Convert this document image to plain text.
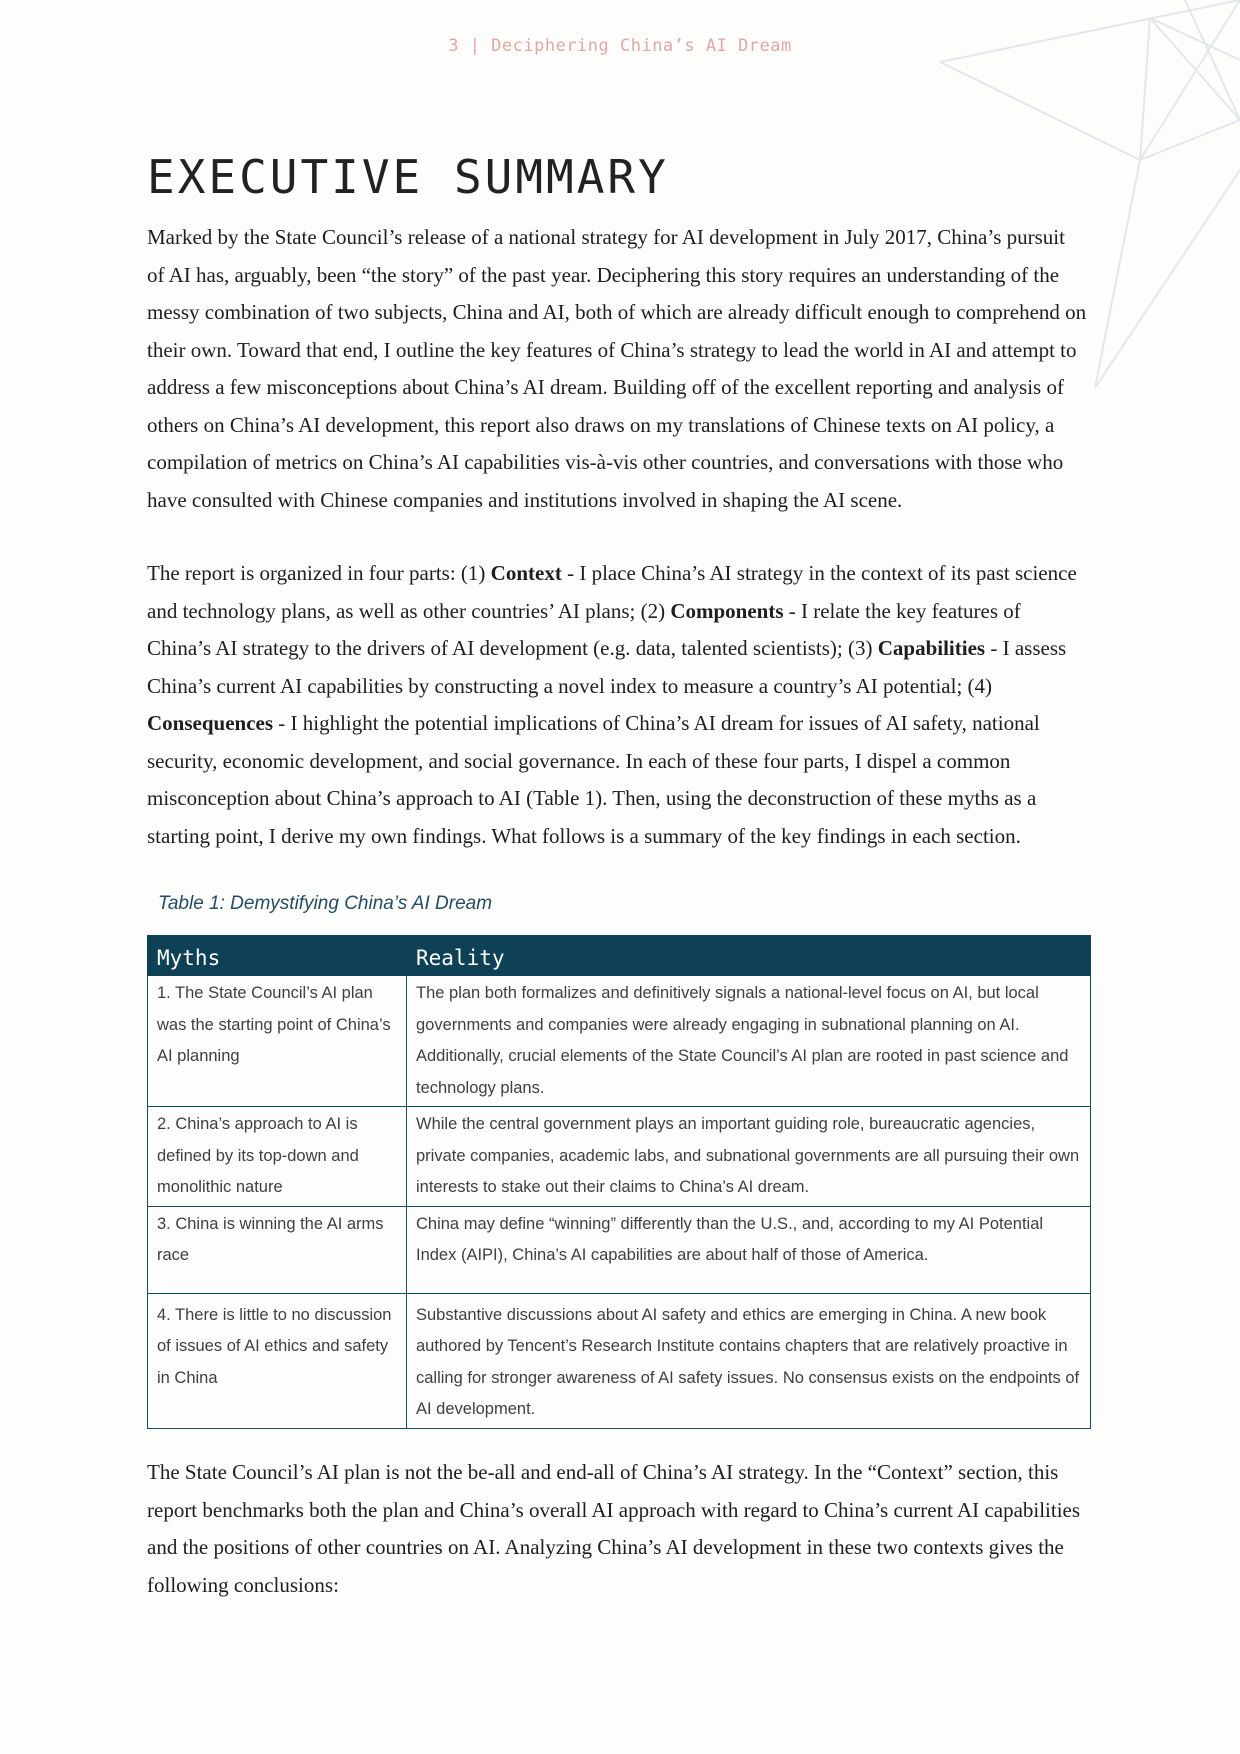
3 | Deciphering China’s AI Dream
EXECUTIVE SUMMARY

Marked by the State Council’s release of a national strategy for AI development in July 2017, China’s pursuit of AI has, arguably, been “the story” of the past year. Deciphering this story requires an understanding of the messy combination of two subjects, China and AI, both of which are already difficult enough to comprehend on their own. Toward that end, I outline the key features of China’s strategy to lead the world in AI and attempt to address a few misconceptions about China’s AI dream. Building off of the excellent reporting and analysis of others on China’s AI development, this report also draws on my translations of Chinese texts on AI policy, a compilation of metrics on China’s AI capabilities vis-à-vis other countries, and conversations with those who have consulted with Chinese companies and institutions involved in shaping the AI scene.

The report is organized in four parts: (1) Context - I place China’s AI strategy in the context of its past science and technology plans, as well as other countries’ AI plans; (2) Components - I relate the key features of China’s AI strategy to the drivers of AI development (e.g. data, talented scientists); (3) Capabilities - I assess China’s current AI capabilities by constructing a novel index to measure a country’s AI potential; (4) Consequences - I highlight the potential implications of China’s AI dream for issues of AI safety, national security, economic development, and social governance. In each of these four parts, I dispel a common misconception about China’s approach to AI (Table 1). Then, using the deconstruction of these myths as a starting point, I derive my own findings. What follows is a summary of the key findings in each section.

Table 1: Demystifying China’s AI Dream
Myths	Reality
1. The State Council’s AI plan was the starting point of China’s AI planning	The plan both formalizes and definitively signals a national-level focus on AI, but local governments and companies were already engaging in subnational planning on AI. Additionally, crucial elements of the State Council’s AI plan are rooted in past science and technology plans.
2. China’s approach to AI is defined by its top-down and monolithic nature	While the central government plays an important guiding role, bureaucratic agencies, private companies, academic labs, and subnational governments are all pursuing their own interests to stake out their claims to China’s AI dream.
3. China is winning the AI arms race	China may define “winning” differently than the U.S., and, according to my AI Potential Index (AIPI), China’s AI capabilities are about half of those of America.
4. There is little to no discussion of issues of AI ethics and safety in China	Substantive discussions about AI safety and ethics are emerging in China. A new book authored by Tencent’s Research Institute contains chapters that are relatively proactive in calling for stronger awareness of AI safety issues. No consensus exists on the endpoints of AI development.

The State Council’s AI plan is not the be-all and end-all of China’s AI strategy. In the “Context” section, this report benchmarks both the plan and China’s overall AI approach with regard to China’s current AI capabilities and the positions of other countries on AI. Analyzing China’s AI development in these two contexts gives the following conclusions:
